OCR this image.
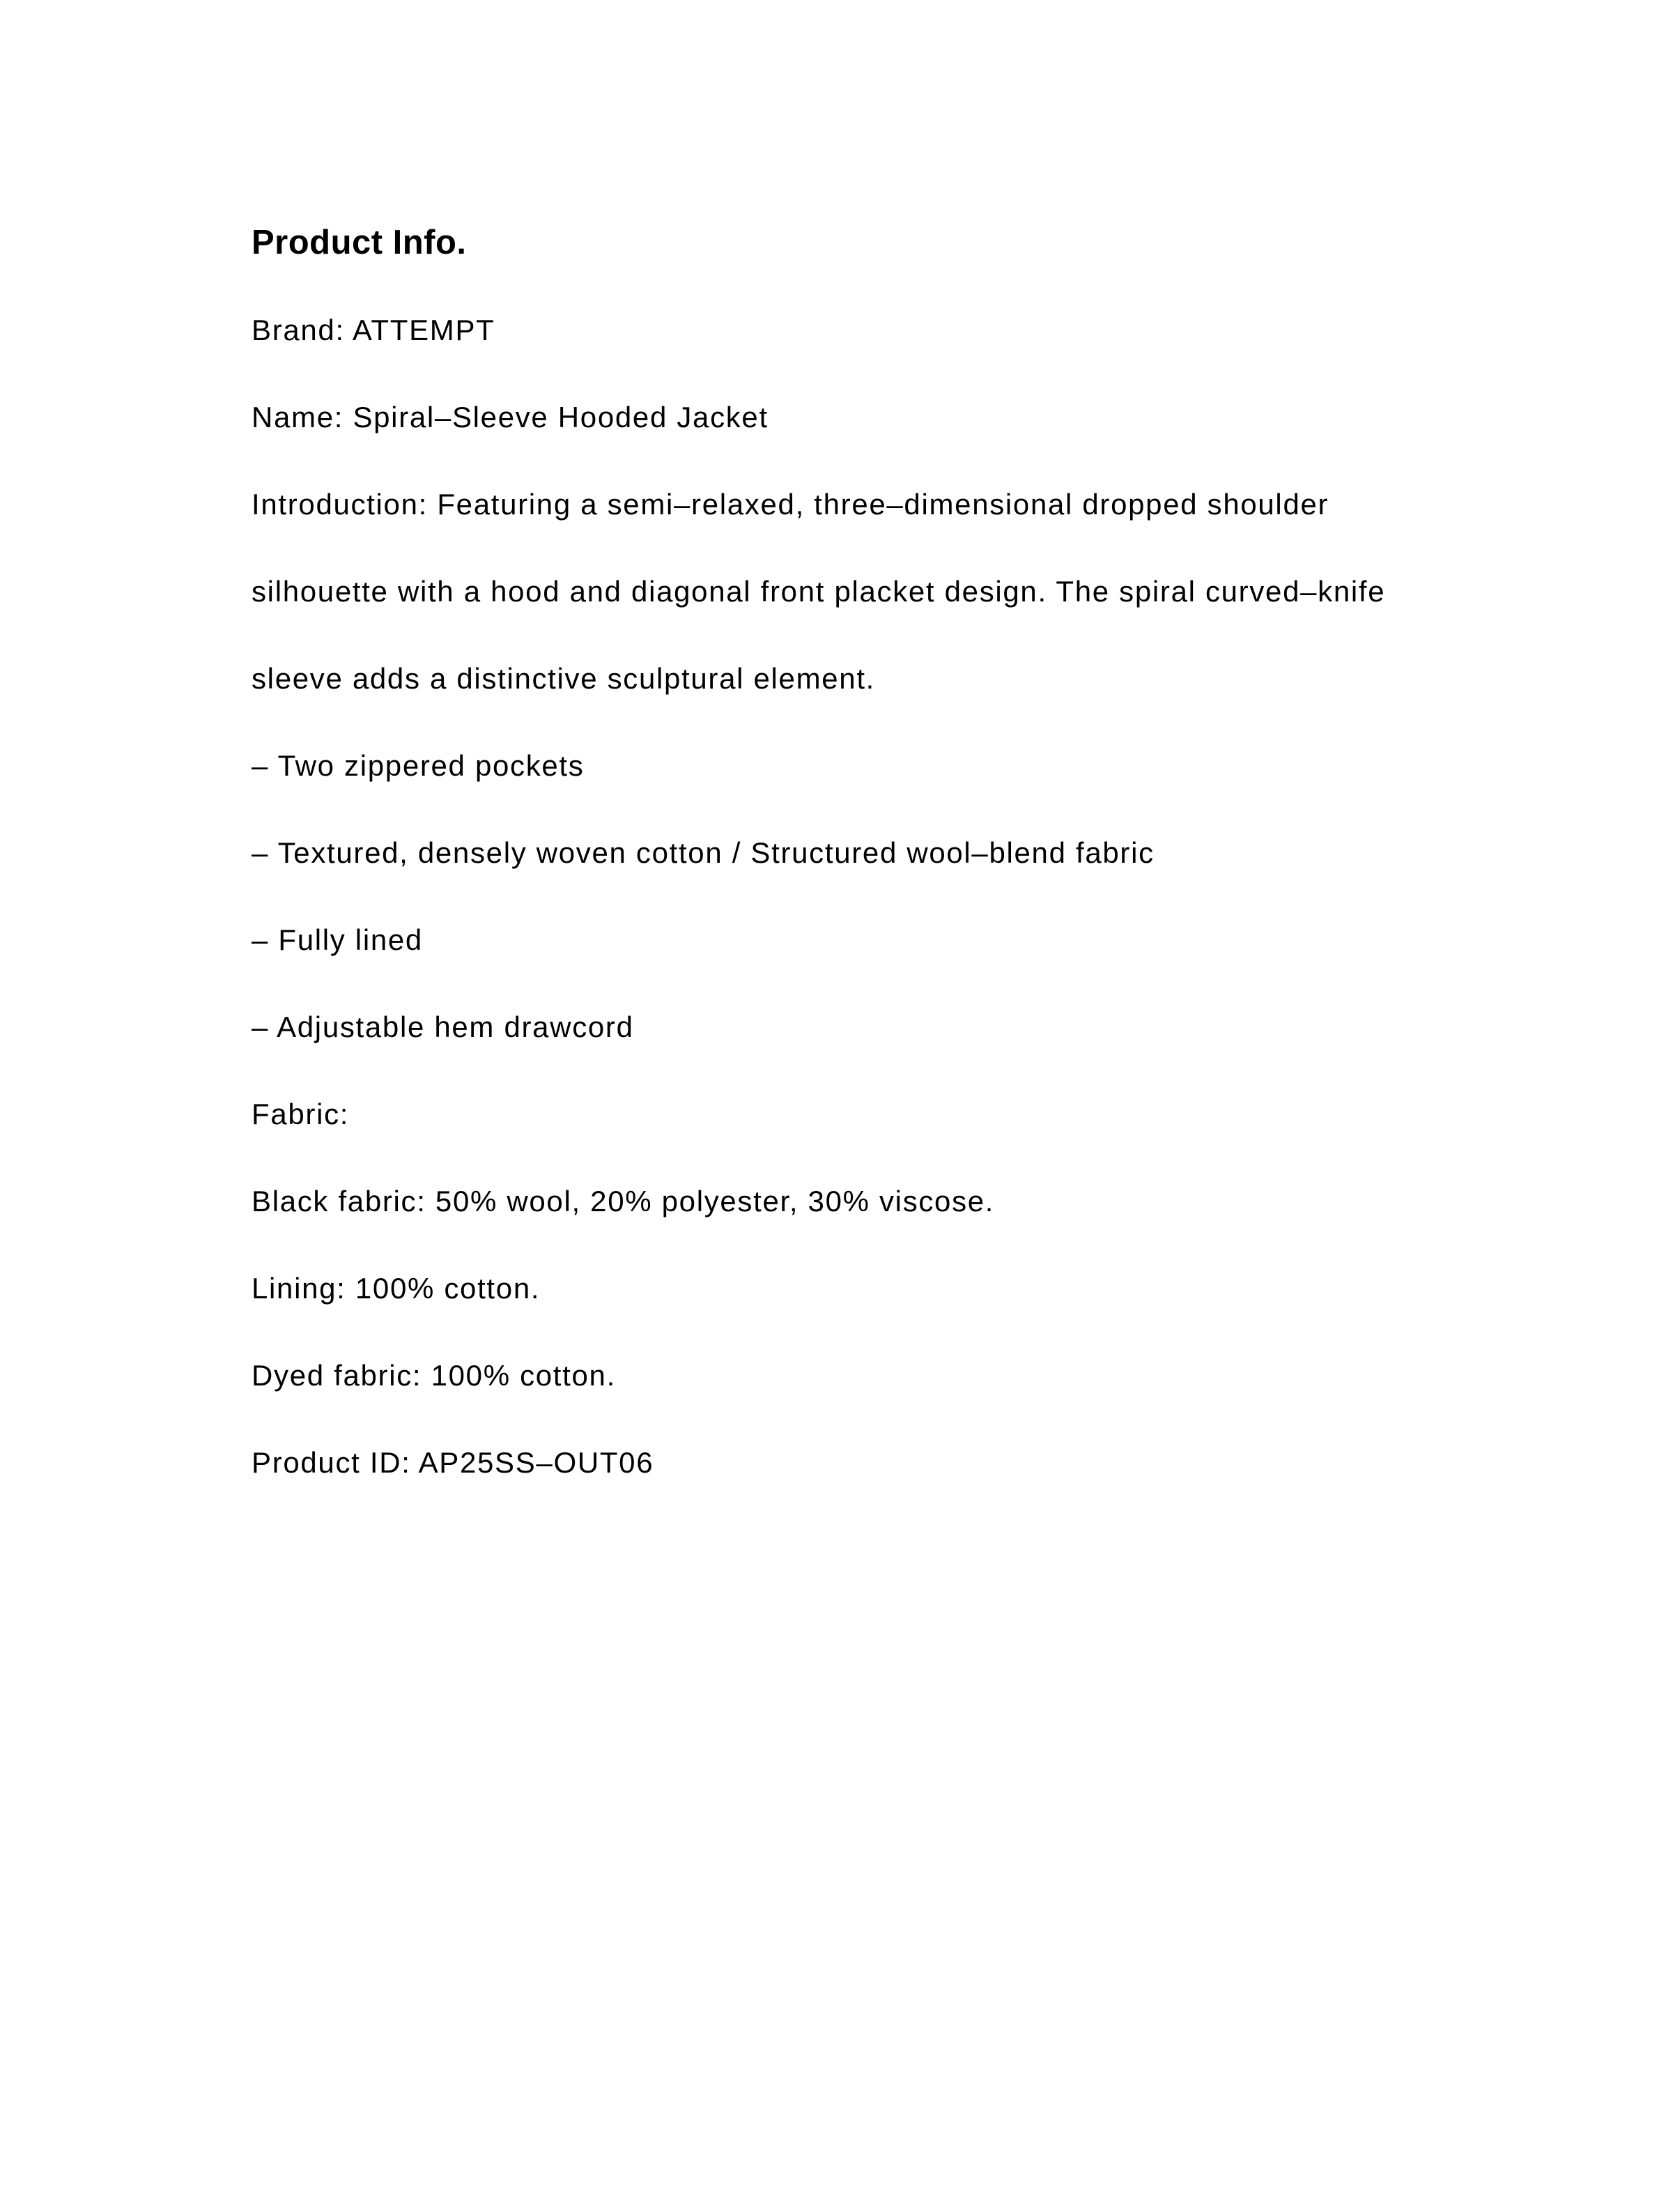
Product Info.
Brand: ATTEMPT
Name: Spiral–Sleeve Hooded Jacket
Introduction: Featuring a semi–relaxed, three–dimensional dropped shoulder
silhouette with a hood and diagonal front placket design. The spiral curved–knife
sleeve adds a distinctive sculptural element.
– Two zippered pockets
– Textured, densely woven cotton / Structured wool–blend fabric
– Fully lined
– Adjustable hem drawcord
Fabric:
Black fabric: 50% wool, 20% polyester, 30% viscose.
Lining: 100% cotton.
Dyed fabric: 100% cotton.
Product ID: AP25SS–OUT06
